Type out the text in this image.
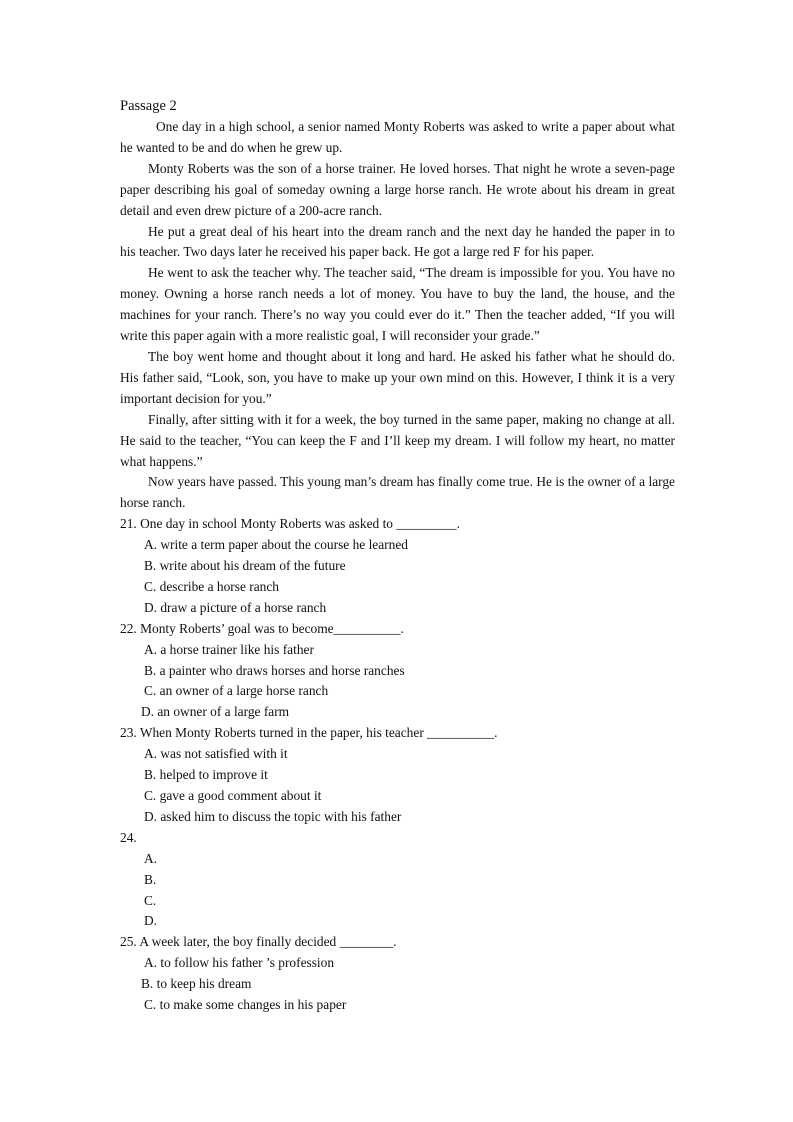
Passage 2

One day in a high school, a senior named Monty Roberts was asked to write a paper about what he wanted to be and do when he grew up.

Monty Roberts was the son of a horse trainer. He loved horses. That night he wrote a seven-page paper describing his goal of someday owning a large horse ranch. He wrote about his dream in great detail and even drew picture of a 200-acre ranch.

He put a great deal of his heart into the dream ranch and the next day he handed the paper in to his teacher. Two days later he received his paper back. He got a large red F for his paper.

He went to ask the teacher why. The teacher said, “The dream is impossible for you. You have no money. Owning a horse ranch needs a lot of money. You have to buy the land, the house, and the machines for your ranch. There’s no way you could ever do it.” Then the teacher added, “If you will write this paper again with a more realistic goal, I will reconsider your grade.”

The boy went home and thought about it long and hard. He asked his father what he should do. His father said, “Look, son, you have to make up your own mind on this. However, I think it is a very important decision for you.”

Finally, after sitting with it for a week, the boy turned in the same paper, making no change at all. He said to the teacher, “You can keep the F and I’ll keep my dream. I will follow my heart, no matter what happens.”

Now years have passed. This young man’s dream has finally come true. He is the owner of a large horse ranch.

21. One day in school Monty Roberts was asked to _________.

A. write a term paper about the course he learned

B. write about his dream of the future

C. describe a horse ranch

D. draw a picture of a horse ranch

22. Monty Roberts’ goal was to become__________.

A. a horse trainer like his father

B. a painter who draws horses and horse ranches

C. an owner of a large horse ranch

D. an owner of a large farm

23. When Monty Roberts turned in the paper, his teacher __________.

A. was not satisfied with it

B. helped to improve it

C. gave a good comment about it

D. asked him to discuss the topic with his father

24.

A.

B.

C.

D.

25. A week later, the boy finally decided ________.

A. to follow his father ’s profession

B. to keep his dream

C. to make some changes in his paper
